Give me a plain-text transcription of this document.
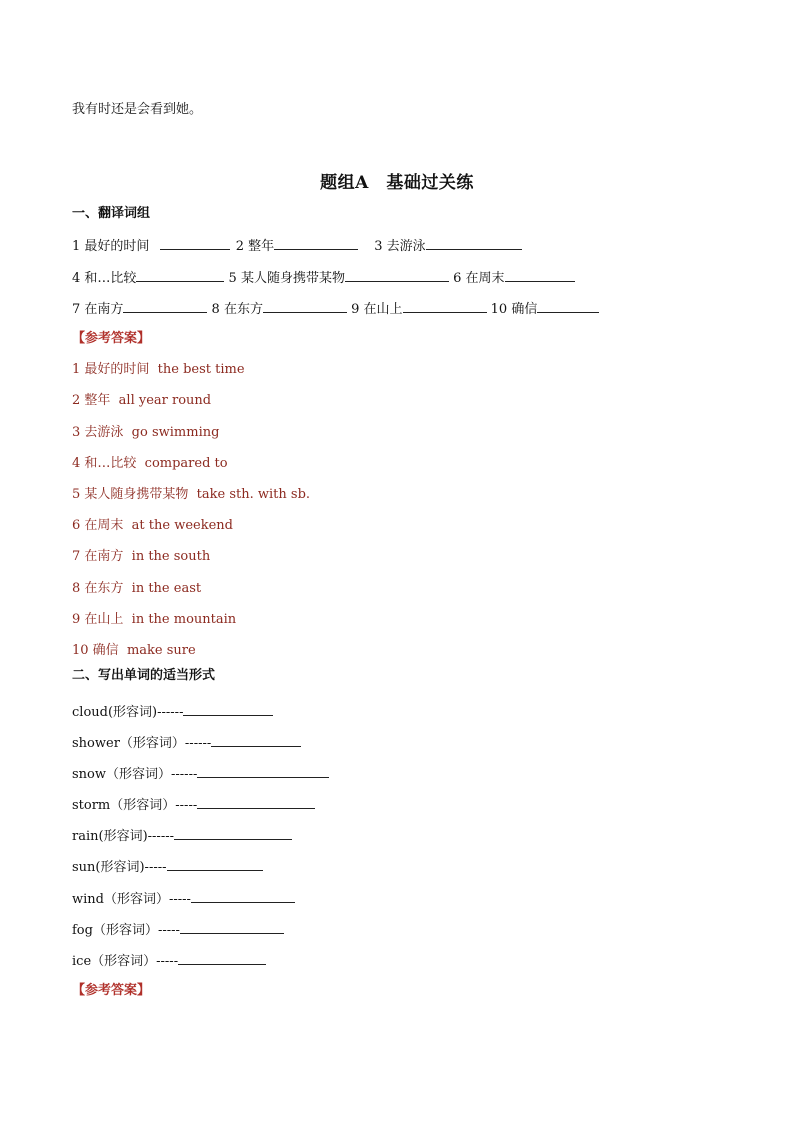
我有时还是会看到她。
题组A　基础过关练
一、翻译词组
1 最好的时间	2 整年	3 去游泳
4 和…比较	5 某人随身携带某物	6 在周末
7 在南方	8 在东方	9 在山上	10 确信
【参考答案】
1 最好的时间 the best time
2 整年 all year round
3 去游泳 go swimming
4 和…比较 compared to
5 某人随身携带某物 take sth. with sb.
6 在周末 at the weekend
7 在南方 in the south
8 在东方 in the east
9 在山上 in the mountain
10 确信 make sure
二、写出单词的适当形式
cloud(形容词)------
shower（形容词）------
snow（形容词）------
storm（形容词）-----
rain(形容词)------
sun(形容词)-----
wind（形容词）-----
fog（形容词）-----
ice（形容词）-----
【参考答案】
